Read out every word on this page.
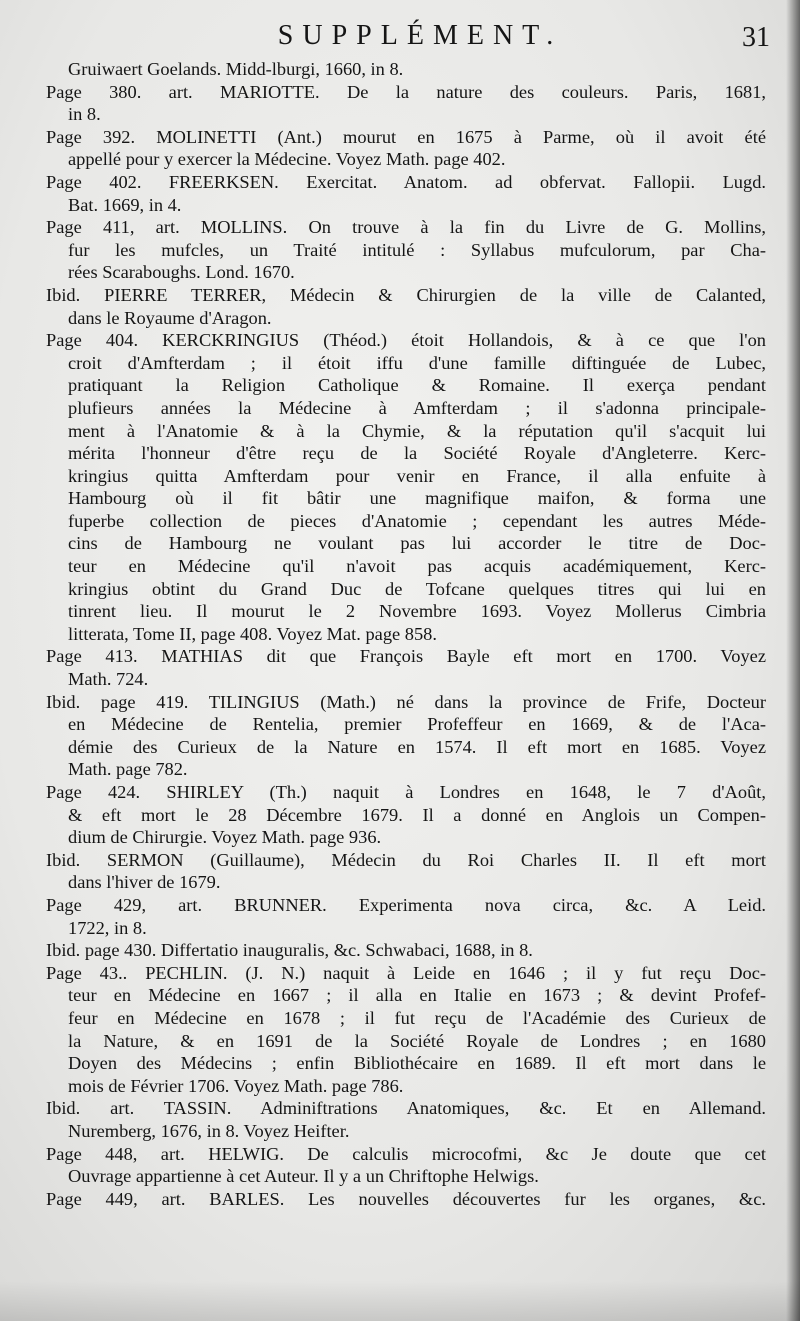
SUPPLÉMENT.	31
Gruiwaert Goelands. Midd-lburgi, 1660, in 8.
Page 380. art. MARIOTTE. De la nature des couleurs. Paris, 1681,
in 8.
Page 392. MOLINETTI (Ant.) mourut en 1675 à Parme, où il avoit été
appellé pour y exercer la Médecine. Voyez Math. page 402.
Page 402. FREERKSEN. Exercitat. Anatom. ad obfervat. Fallopii. Lugd.
Bat. 1669, in 4.
Page 411, art. MOLLINS. On trouve à la fin du Livre de G. Mollins,
fur les mufcles, un Traité intitulé : Syllabus mufculorum, par Cha-
rées Scaraboughs. Lond. 1670.
Ibid. PIERRE TERRER, Médecin & Chirurgien de la ville de Calanted,
dans le Royaume d'Aragon.
Page 404. KERCKRINGIUS (Théod.) étoit Hollandois, & à ce que l'on
croit d'Amfterdam ; il étoit iffu d'une famille diftinguée de Lubec,
pratiquant la Religion Catholique & Romaine. Il exerça pendant
plufieurs années la Médecine à Amfterdam ; il s'adonna principale-
ment à l'Anatomie & à la Chymie, & la réputation qu'il s'acquit lui
mérita l'honneur d'être reçu de la Société Royale d'Angleterre. Kerc-
kringius quitta Amfterdam pour venir en France, il alla enfuite à
Hambourg où il fit bâtir une magnifique maifon, & forma une
fuperbe collection de pieces d'Anatomie ; cependant les autres Méde-
cins de Hambourg ne voulant pas lui accorder le titre de Doc-
teur en Médecine qu'il n'avoit pas acquis académiquement, Kerc-
kringius obtint du Grand Duc de Tofcane quelques titres qui lui en
tinrent lieu. Il mourut le 2 Novembre 1693. Voyez Mollerus Cimbria
litterata, Tome II, page 408. Voyez Mat. page 858.
Page 413. MATHIAS dit que François Bayle eft mort en 1700. Voyez
Math. 724.
Ibid. page 419. TILINGIUS (Math.) né dans la province de Frife, Docteur
en Médecine de Rentelia, premier Profeffeur en 1669, & de l'Aca-
démie des Curieux de la Nature en 1574. Il eft mort en 1685. Voyez
Math. page 782.
Page 424. SHIRLEY (Th.) naquit à Londres en 1648, le 7 d'Août,
& eft mort le 28 Décembre 1679. Il a donné en Anglois un Compen-
dium de Chirurgie. Voyez Math. page 936.
Ibid. SERMON (Guillaume), Médecin du Roi Charles II. Il eft mort
dans l'hiver de 1679.
Page 429, art. BRUNNER. Experimenta nova circa, &c. A Leid.
1722, in 8.
Ibid. page 430. Differtatio inauguralis, &c. Schwabaci, 1688, in 8.
Page 43.. PECHLIN. (J. N.) naquit à Leide en 1646 ; il y fut reçu Doc-
teur en Médecine en 1667 ; il alla en Italie en 1673 ; & devint Profef-
feur en Médecine en 1678 ; il fut reçu de l'Académie des Curieux de
la Nature, & en 1691 de la Société Royale de Londres ; en 1680
Doyen des Médecins ; enfin Bibliothécaire en 1689. Il eft mort dans le
mois de Février 1706. Voyez Math. page 786.
Ibid. art. TASSIN. Adminiftrations Anatomiques, &c. Et en Allemand.
Nuremberg, 1676, in 8. Voyez Heifter.
Page 448, art. HELWIG. De calculis microcofmi, &c Je doute que cet
Ouvrage appartienne à cet Auteur. Il y a un Chriftophe Helwigs.
Page 449, art. BARLES. Les nouvelles découvertes fur les organes, &c.
